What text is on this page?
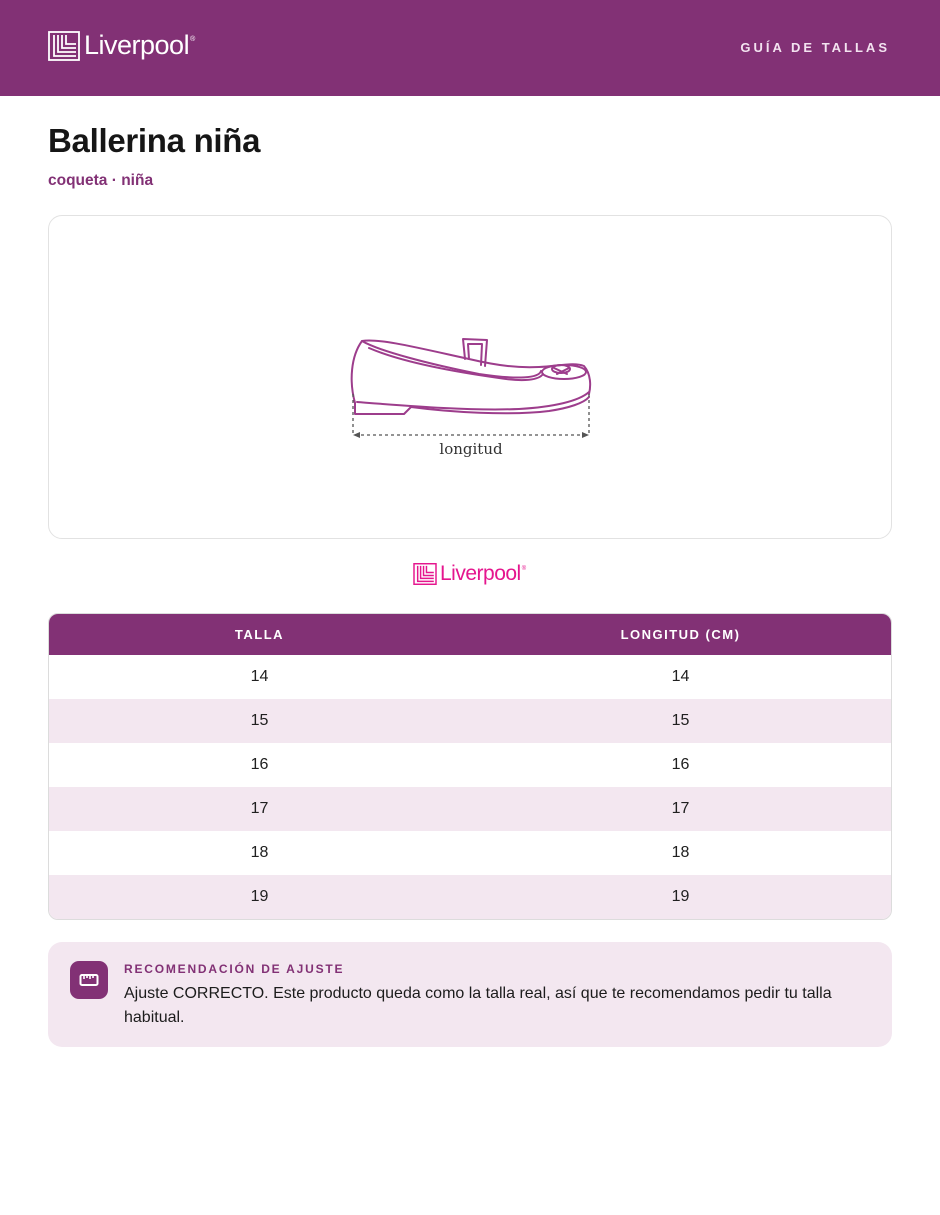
Liverpool ®
GUÍA DE TALLAS
Ballerina niña
coqueta · niña
longitud
Liverpool ®
TALLA	LONGITUD (CM)
14	14
15	15
16	16
17	17
18	18
19	19
RECOMENDACIÓN DE AJUSTE
Ajuste CORRECTO. Este producto queda como la talla real, así que te recomendamos pedir tu talla habitual.
